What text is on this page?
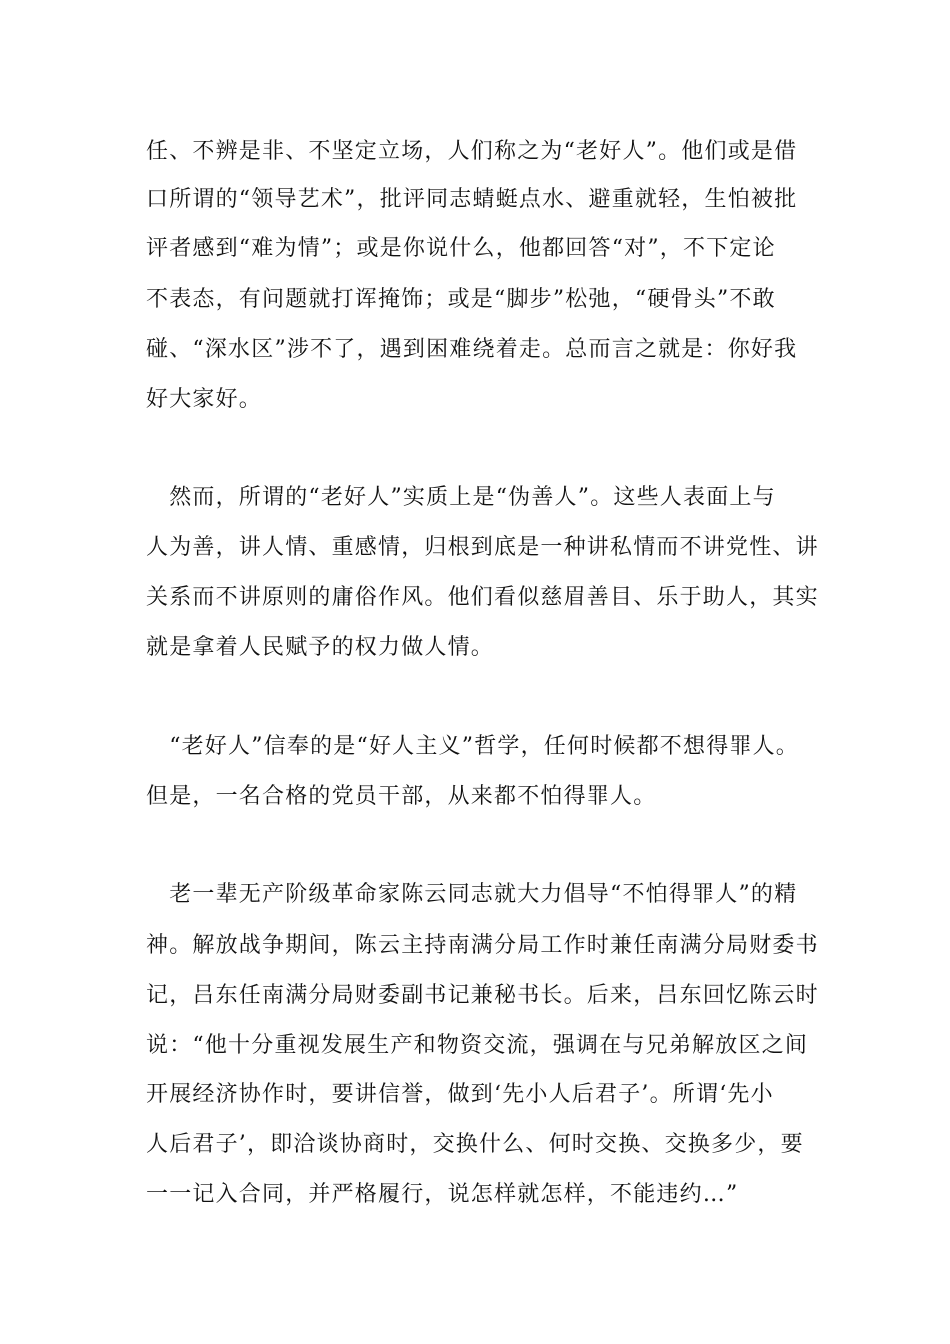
任、不辨是非、不坚定立场，人们称之为“老好人”。他们或是借
口所谓的“领导艺术”，批评同志蜻蜓点水、避重就轻，生怕被批
评者感到“难为情”；或是你说什么，他都回答“对”，不下定论
不表态，有问题就打诨掩饰；或是“脚步”松弛，“硬骨头”不敢
碰、“深水区”涉不了，遇到困难绕着走。总而言之就是：你好我
好大家好。
　然而，所谓的“老好人”实质上是“伪善人”。这些人表面上与
人为善，讲人情、重感情，归根到底是一种讲私情而不讲党性、讲
关系而不讲原则的庸俗作风。他们看似慈眉善目、乐于助人，其实
就是拿着人民赋予的权力做人情。
　“老好人”信奉的是“好人主义”哲学，任何时候都不想得罪人。
但是，一名合格的党员干部，从来都不怕得罪人。
　老一辈无产阶级革命家陈云同志就大力倡导“不怕得罪人”的精
神。解放战争期间，陈云主持南满分局工作时兼任南满分局财委书
记，吕东任南满分局财委副书记兼秘书长。后来，吕东回忆陈云时
说：“他十分重视发展生产和物资交流，强调在与兄弟解放区之间
开展经济协作时，要讲信誉，做到‘先小人后君子’。所谓‘先小
人后君子’，即洽谈协商时，交换什么、何时交换、交换多少，要
一一记入合同，并严格履行，说怎样就怎样，不能违约…”
